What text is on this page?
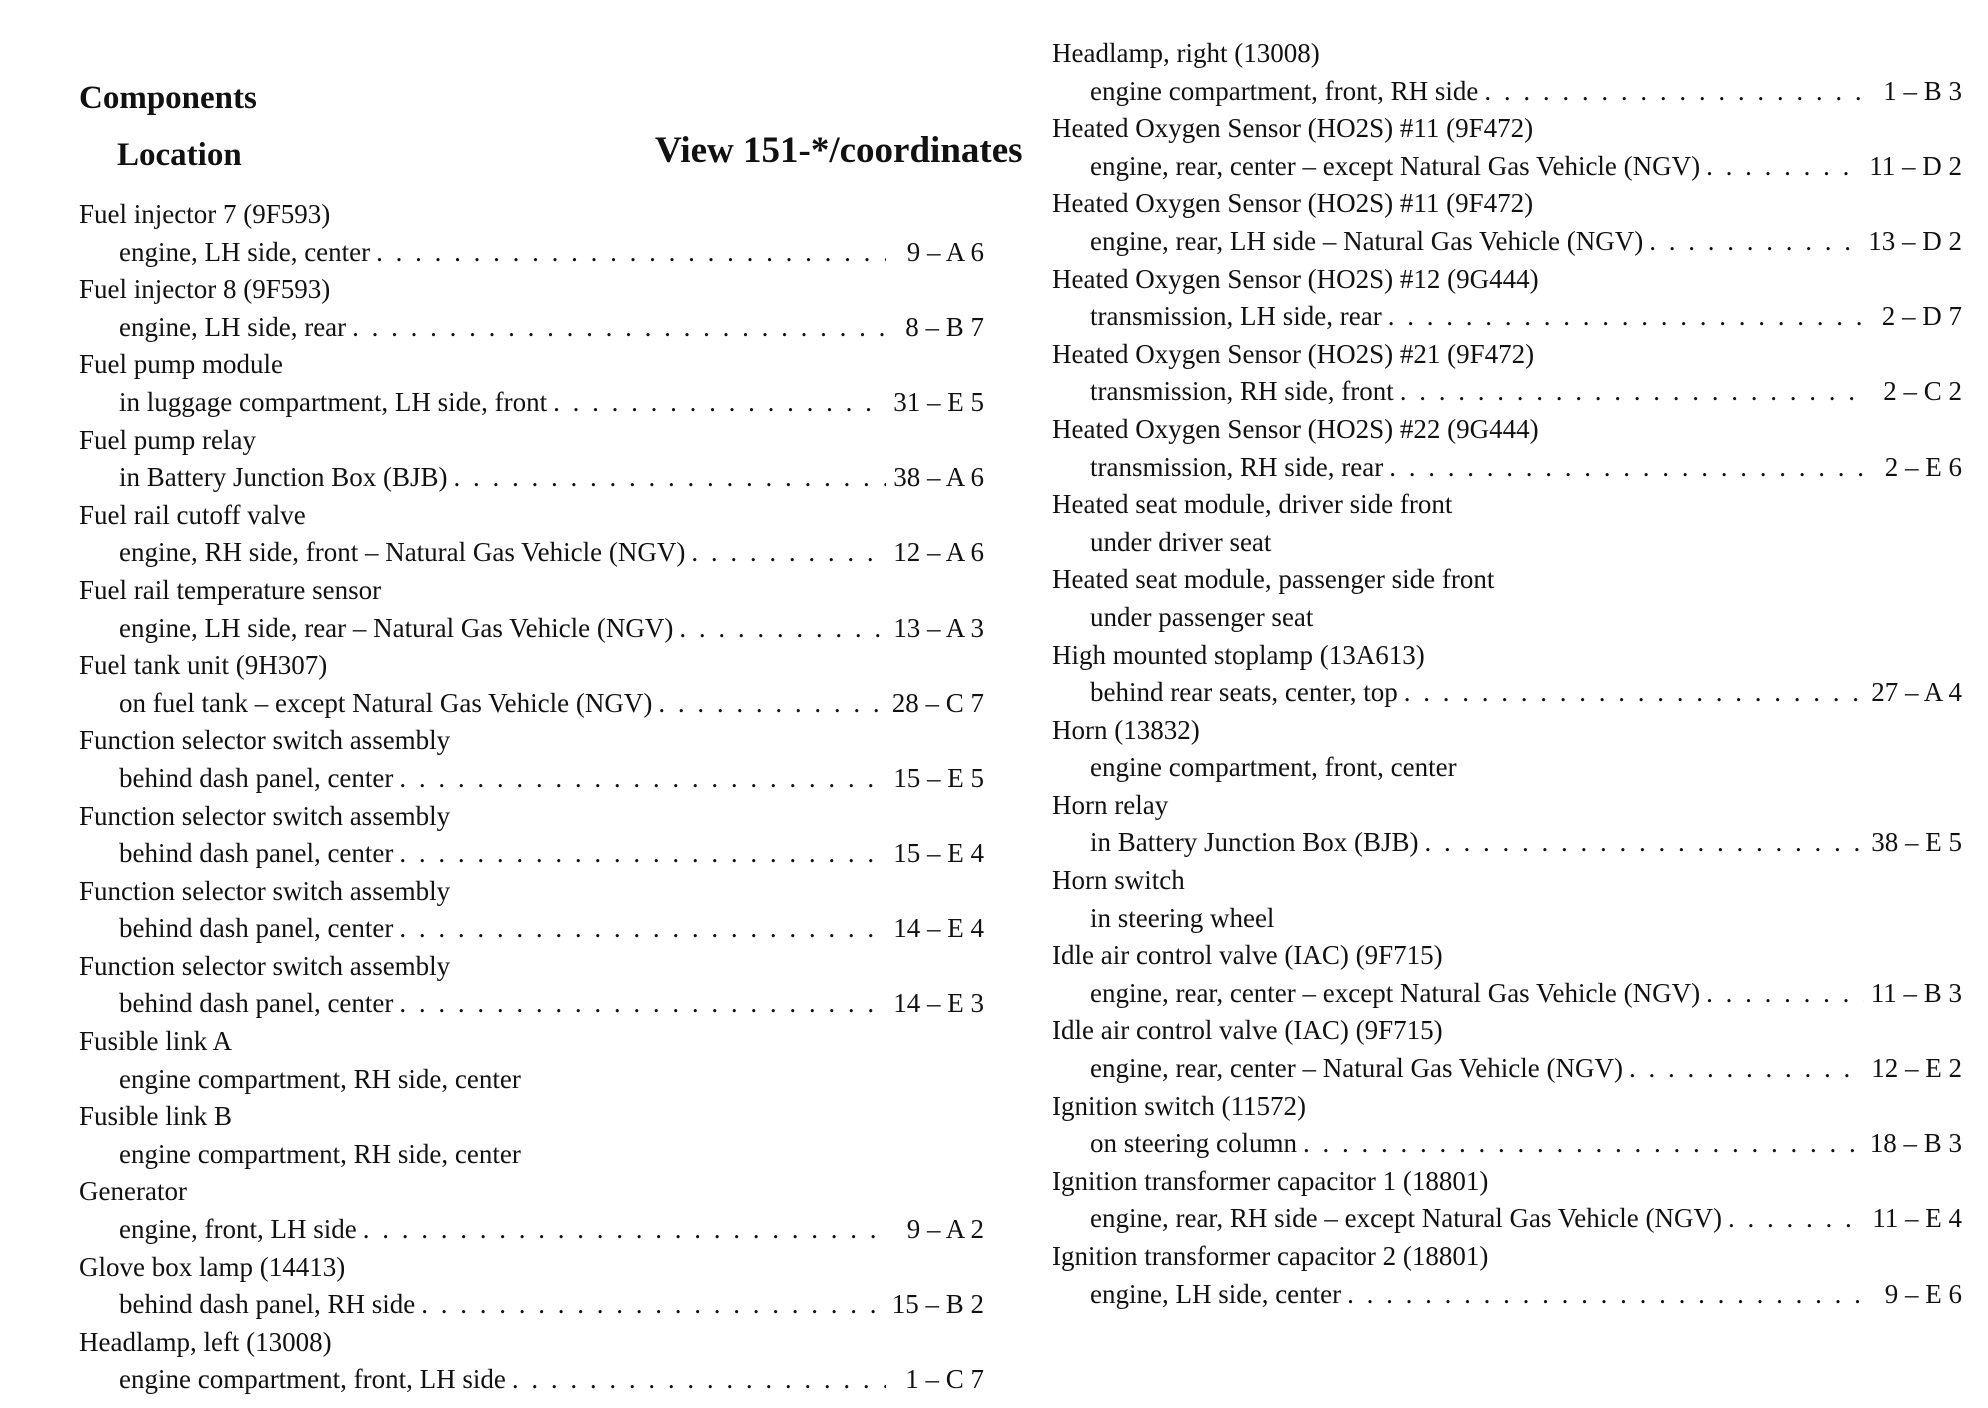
Components
Location	View 151-*/coordinates
Fuel injector 7 (9F593)
engine, LH side, center . . .	9 – A 6
Fuel injector 8 (9F593)
engine, LH side, rear . . .	8 – B 7
Fuel pump module
in luggage compartment, LH side, front . . .	31 – E 5
Fuel pump relay
in Battery Junction Box (BJB) . . .	38 – A 6
Fuel rail cutoff valve
engine, RH side, front – Natural Gas Vehicle (NGV) . . .	12 – A 6
Fuel rail temperature sensor
engine, LH side, rear – Natural Gas Vehicle (NGV) . . .	13 – A 3
Fuel tank unit (9H307)
on fuel tank – except Natural Gas Vehicle (NGV) . . .	28 – C 7
Function selector switch assembly
behind dash panel, center . . .	15 – E 5
Function selector switch assembly
behind dash panel, center . . .	15 – E 4
Function selector switch assembly
behind dash panel, center . . .	14 – E 4
Function selector switch assembly
behind dash panel, center . . .	14 – E 3
Fusible link A
engine compartment, RH side, center
Fusible link B
engine compartment, RH side, center
Generator
engine, front, LH side . . .	9 – A 2
Glove box lamp (14413)
behind dash panel, RH side . . .	15 – B 2
Headlamp, left (13008)
engine compartment, front, LH side . . .	1 – C 7
Headlamp, right (13008)
engine compartment, front, RH side . . .	1 – B 3
Heated Oxygen Sensor (HO2S) #11 (9F472)
engine, rear, center – except Natural Gas Vehicle (NGV) . . .	11 – D 2
Heated Oxygen Sensor (HO2S) #11 (9F472)
engine, rear, LH side – Natural Gas Vehicle (NGV) . . .	13 – D 2
Heated Oxygen Sensor (HO2S) #12 (9G444)
transmission, LH side, rear . . .	2 – D 7
Heated Oxygen Sensor (HO2S) #21 (9F472)
transmission, RH side, front . . .	2 – C 2
Heated Oxygen Sensor (HO2S) #22 (9G444)
transmission, RH side, rear . . .	2 – E 6
Heated seat module, driver side front
under driver seat
Heated seat module, passenger side front
under passenger seat
High mounted stoplamp (13A613)
behind rear seats, center, top . . .	27 – A 4
Horn (13832)
engine compartment, front, center
Horn relay
in Battery Junction Box (BJB) . . .	38 – E 5
Horn switch
in steering wheel
Idle air control valve (IAC) (9F715)
engine, rear, center – except Natural Gas Vehicle (NGV) . . .	11 – B 3
Idle air control valve (IAC) (9F715)
engine, rear, center – Natural Gas Vehicle (NGV) . . .	12 – E 2
Ignition switch (11572)
on steering column . . .	18 – B 3
Ignition transformer capacitor 1 (18801)
engine, rear, RH side – except Natural Gas Vehicle (NGV) . . .	11 – E 4
Ignition transformer capacitor 2 (18801)
engine, LH side, center . . .	9 – E 6
